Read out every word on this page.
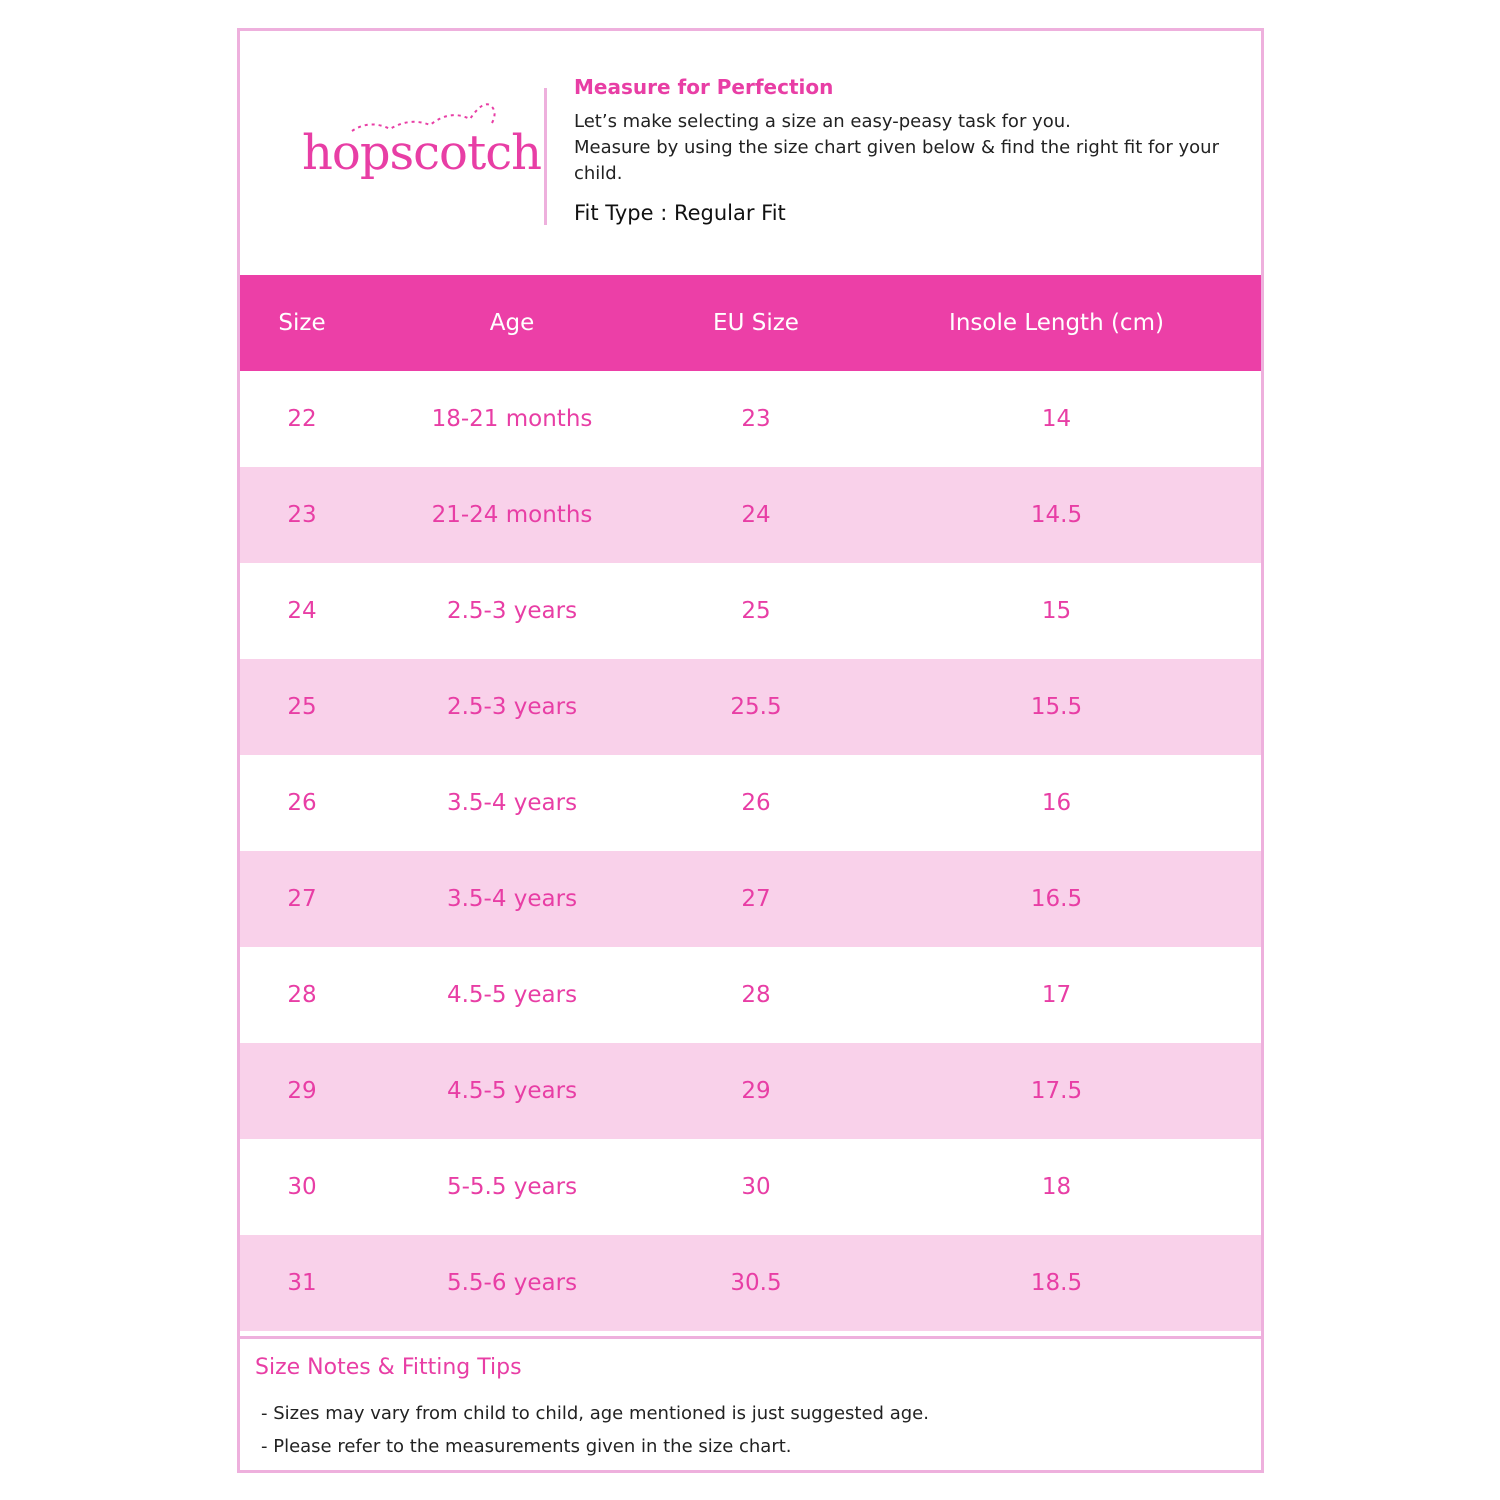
hopscotch

Measure for Perfection

Let’s make selecting a size an easy-peasy task for you.

Measure by using the size chart given below & find the right fit for your child.

Fit Type : Regular Fit
Size	Age	EU Size	Insole Length (cm)
22	18-21 months	23	14
23	21-24 months	24	14.5
24	2.5-3 years	25	15
25	2.5-3 years	25.5	15.5
26	3.5-4 years	26	16
27	3.5-4 years	27	16.5
28	4.5-5 years	28	17
29	4.5-5 years	29	17.5
30	5-5.5 years	30	18
31	5.5-6 years	30.5	18.5
Size Notes & Fitting Tips
- Sizes may vary from child to child, age mentioned is just suggested age.
- Please refer to the measurements given in the size chart.
